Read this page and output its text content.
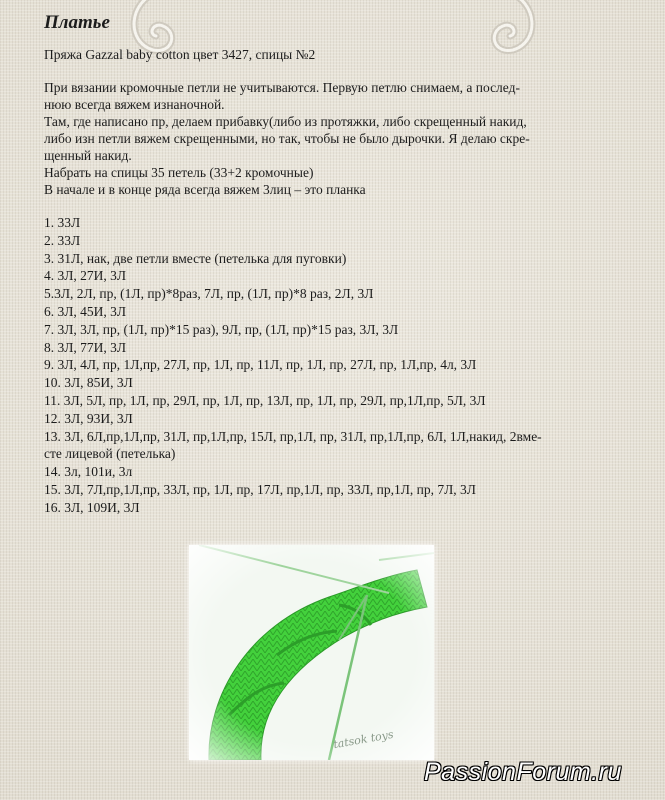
Платье

Пряжа Gazzal baby cotton цвет 3427, спицы №2

При вязании кромочные петли не учитываются. Первую петлю снимаем, а послед-

нюю всегда вяжем изнаночной.

Там, где написано пр, делаем прибавку(либо из протяжки, либо скрещенный накид,

либо изн петли вяжем скрещенными, но так, чтобы не было дырочки. Я делаю скре-

щенный накид.

Набрать на спицы 35 петель (33+2 кромочные)

В начале и в конце ряда всегда вяжем 3лиц – это планка

1. 33Л

2. 33Л

3. 31Л, нак, две петли вместе (петелька для пуговки)

4. 3Л, 27И, 3Л

5.3Л, 2Л, пр, (1Л, пр)*8раз, 7Л, пр, (1Л, пр)*8 раз, 2Л, 3Л

6. 3Л, 45И, 3Л

7. 3Л, 3Л, пр, (1Л, пр)*15 раз), 9Л, пр, (1Л, пр)*15 раз, 3Л, 3Л

8. 3Л, 77И, 3Л

9. 3Л, 4Л, пр, 1Л,пр, 27Л, пр, 1Л, пр, 11Л, пр, 1Л, пр, 27Л, пр, 1Л,пр, 4л, 3Л

10. 3Л, 85И, 3Л

11. 3Л, 5Л, пр, 1Л, пр, 29Л, пр, 1Л, пр, 13Л, пр, 1Л, пр, 29Л, пр,1Л,пр, 5Л, 3Л

12. 3Л, 93И, 3Л

13. 3Л, 6Л,пр,1Л,пр, 31Л, пр,1Л,пр, 15Л, пр,1Л, пр, 31Л, пр,1Л,пр, 6Л, 1Л,накид, 2вме-

сте лицевой (петелька)

14. 3л, 101и, 3л

15. 3Л, 7Л,пр,1Л,пр, 33Л, пр, 1Л, пр, 17Л, пр,1Л, пр, 33Л, пр,1Л, пр, 7Л, 3Л

16. 3Л, 109И, 3Л

tatsok toys
PassionForum.ru
